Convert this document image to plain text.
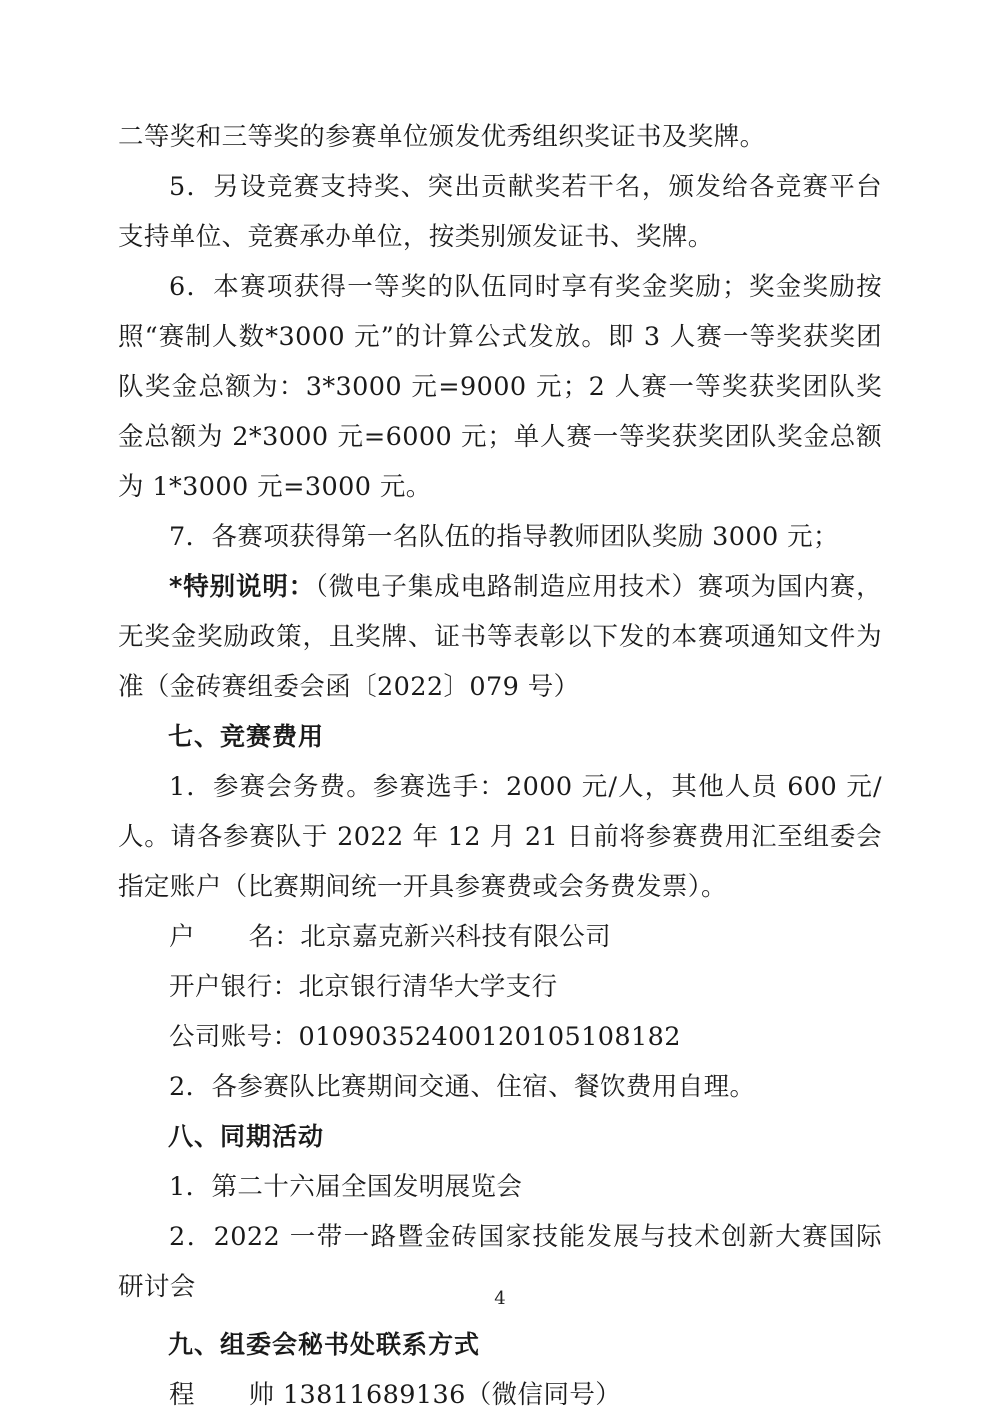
二等奖和三等奖的参赛单位颁发优秀组织奖证书及奖牌。

5．另设竞赛支持奖、突出贡献奖若干名，颁发给各竞赛平台支持单位、竞赛承办单位，按类别颁发证书、奖牌。

6．本赛项获得一等奖的队伍同时享有奖金奖励；奖金奖励按照“赛制人数*3000 元”的计算公式发放。即 3 人赛一等奖获奖团队奖金总额为：3*3000 元=9000 元；2 人赛一等奖获奖团队奖金总额为 2*3000 元=6000 元；单人赛一等奖获奖团队奖金总额为 1*3000 元=3000 元。

7．各赛项获得第一名队伍的指导教师团队奖励 3000 元；

*特别说明：（微电子集成电路制造应用技术）赛项为国内赛，无奖金奖励政策，且奖牌、证书等表彰以下发的本赛项通知文件为准（金砖赛组委会函〔2022〕079 号）

七、竞赛费用

1．参赛会务费。参赛选手：2000 元/人，其他人员 600 元/人。请各参赛队于 2022 年 12 月 21 日前将参赛费用汇至组委会指定账户（比赛期间统一开具参赛费或会务费发票）。

户 名：北京嘉克新兴科技有限公司

开户银行：北京银行清华大学支行

公司账号：01090352400120105108182

2．各参赛队比赛期间交通、住宿、餐饮费用自理。

八、同期活动

1．第二十六届全国发明展览会

2．2022 一带一路暨金砖国家技能发展与技术创新大赛国际研讨会

九、组委会秘书处联系方式

程 帅 13811689136（微信同号）

4
